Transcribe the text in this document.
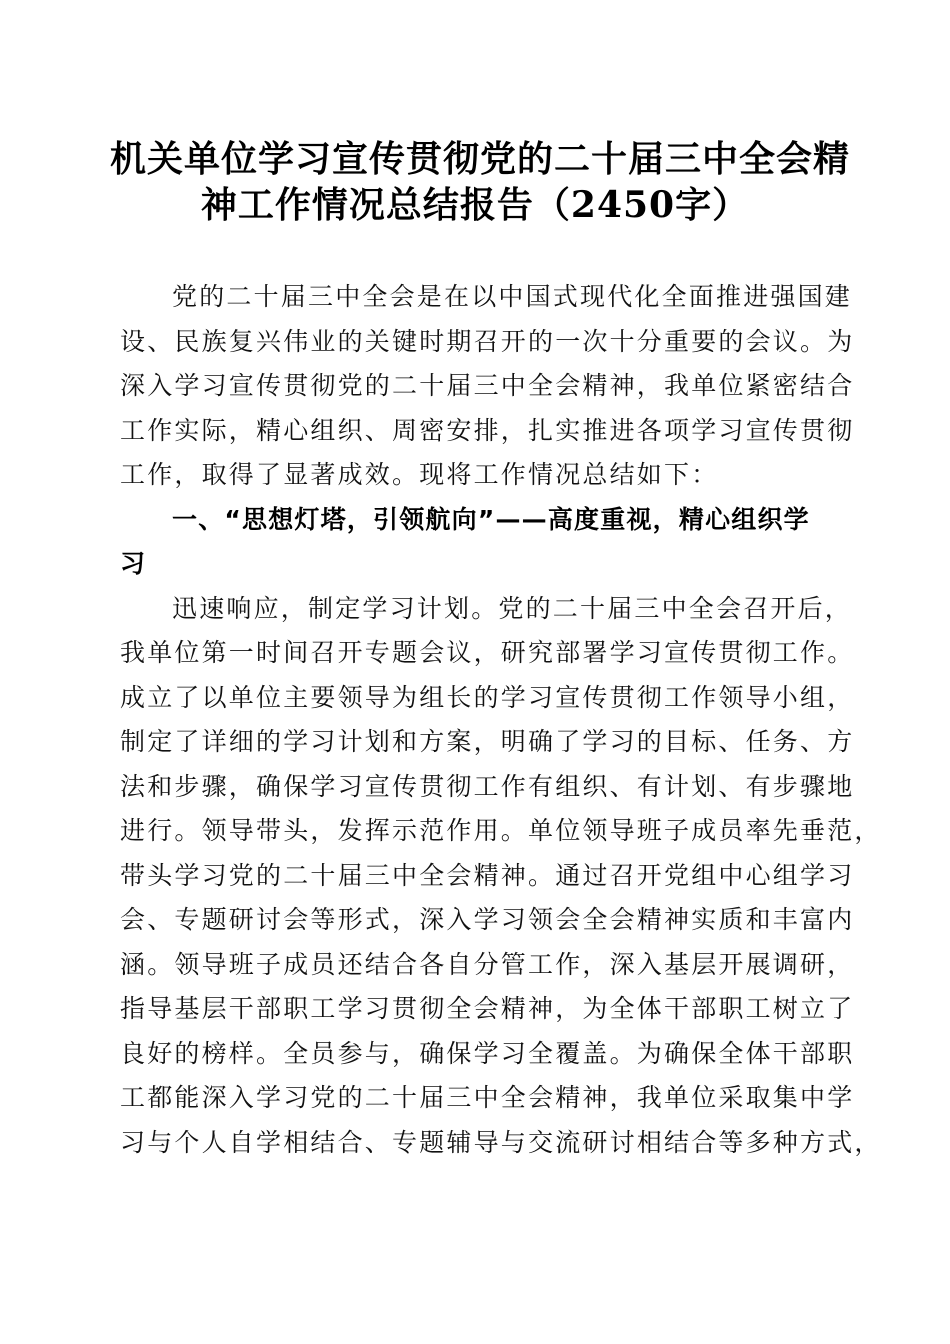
机关单位学习宣传贯彻党的二十届三中全会精
神工作情况总结报告（2450字）
党的二十届三中全会是在以中国式现代化全面推进强国建
设、民族复兴伟业的关键时期召开的一次十分重要的会议。为
深入学习宣传贯彻党的二十届三中全会精神，我单位紧密结合
工作实际，精心组织、周密安排，扎实推进各项学习宣传贯彻
工作，取得了显著成效。现将工作情况总结如下：
一、“思想灯塔，引领航向”——高度重视，精心组织学
习
迅速响应，制定学习计划。党的二十届三中全会召开后，
我单位第一时间召开专题会议，研究部署学习宣传贯彻工作。
成立了以单位主要领导为组长的学习宣传贯彻工作领导小组，
制定了详细的学习计划和方案，明确了学习的目标、任务、方
法和步骤，确保学习宣传贯彻工作有组织、有计划、有步骤地
进行。领导带头，发挥示范作用。单位领导班子成员率先垂范，
带头学习党的二十届三中全会精神。通过召开党组中心组学习
会、专题研讨会等形式，深入学习领会全会精神实质和丰富内
涵。领导班子成员还结合各自分管工作，深入基层开展调研，
指导基层干部职工学习贯彻全会精神，为全体干部职工树立了
良好的榜样。全员参与，确保学习全覆盖。为确保全体干部职
工都能深入学习党的二十届三中全会精神，我单位采取集中学
习与个人自学相结合、专题辅导与交流研讨相结合等多种方式，
